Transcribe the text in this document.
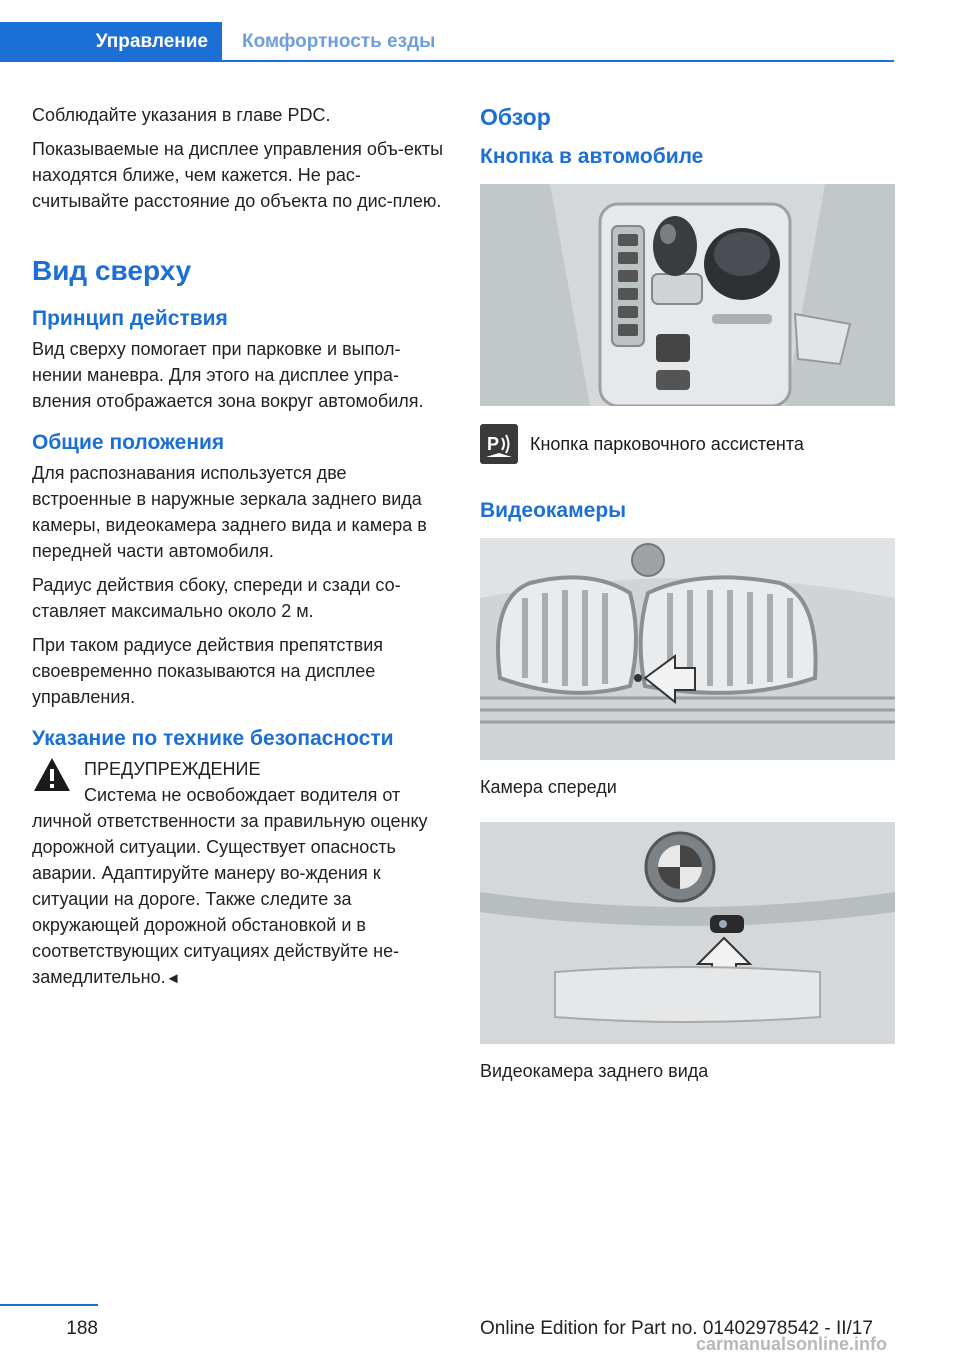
Управление	Комфортность езды

Соблюдайте указания в главе PDC.

Показываемые на дисплее управления объ-екты находятся ближе, чем кажется. Не рас-считывайте расстояние до объекта по дис-плею.

Вид сверху
Принцип действия

Вид сверху помогает при парковке и выпол-нении маневра. Для этого на дисплее упра-вления отображается зона вокруг автомобиля.

Общие положения

Для распознавания используется две встроенные в наружные зеркала заднего вида камеры, видеокамера заднего вида и камера в передней части автомобиля.

Радиус действия сбоку, спереди и сзади со-ставляет максимально около 2 м.

При таком радиусе действия препятствия своевременно показываются на дисплее управления.

Указание по технике безопасности
ПРЕДУПРЕЖДЕНИЕ

Система не освобождает водителя от
личной ответственности за правильную оценку дорожной ситуации. Существует опасность аварии. Адаптируйте манеру во-ждения к ситуации на дороге. Также следите за окружающей дорожной обстановкой и в соответствующих ситуациях действуйте не-замедлительно.◄

Обзор
Кнопка в автомобиле
P Кнопка парковочного ассистента
Видеокамеры
Камера спереди
Видеокамера заднего вида
188	Online Edition for Part no. 01402978542 - II/17
carmanualsonline.info
